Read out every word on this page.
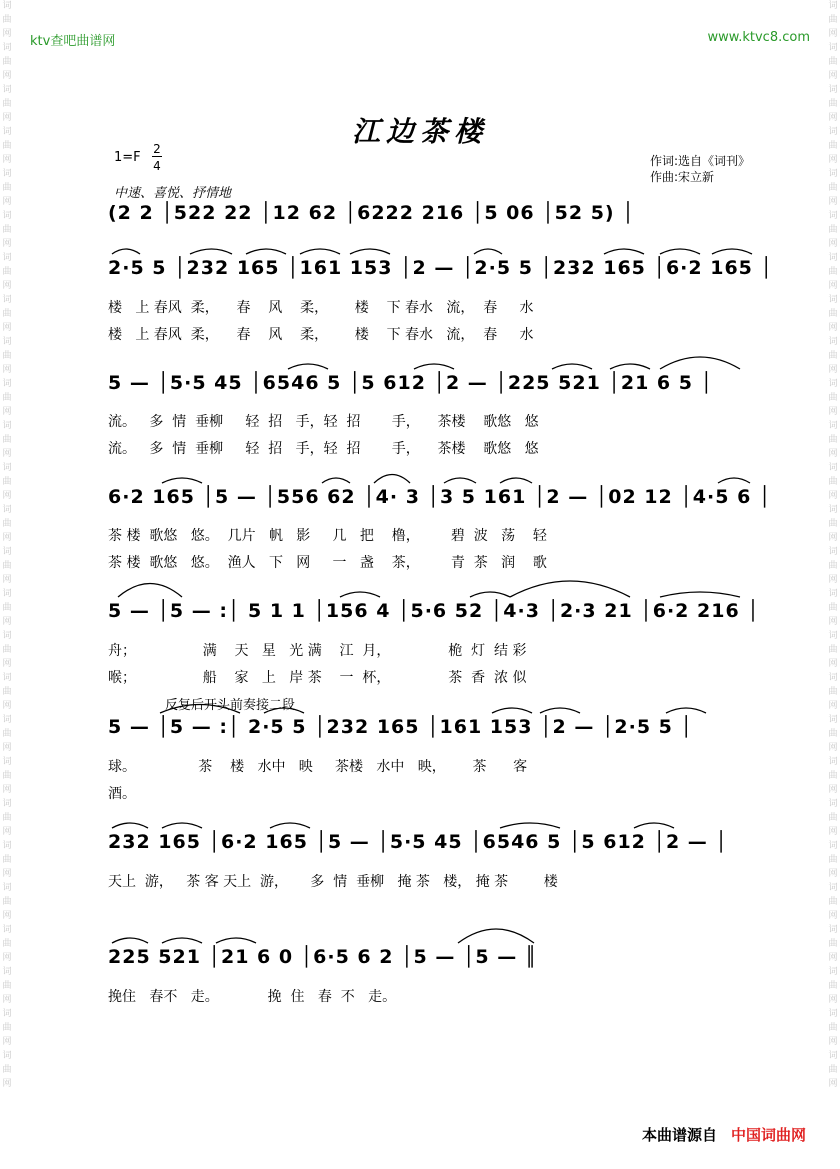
词
曲
网
词
曲
网
词
曲
网
词
曲
网
词
曲
网
词
曲
网
词
曲
网
词
曲
网
词
曲
网
词
曲
网
词
曲
网
词
曲
网
词
曲
网
词
曲
网
词
曲
网
词
曲
网
词
曲
网
词
曲
网
词
曲
网
词
曲
网
词
曲
网
词
曲
网
词
曲
网
词
曲
网
词
曲
网
词
曲
网
词
曲
网
词
曲
网
词
曲
网
词
曲
网
词
曲
网
词
曲
网
词
曲
网
词
曲
网
词
曲
网
词
曲
网
词
曲
网
词
曲
网
词
曲
网
词
曲
网
词
曲
网
词
曲
网
词
曲
网
词
曲
网
词
曲
网
词
曲
网
词
曲
网
词
曲
网
词
曲
网
词
曲
网
词
曲
网
词
曲
网
ktv查吧曲谱网	www.ktvc8.com
江边茶楼
1=F
2
4
中速、喜悦、抒情地
作词:选自《词刊》
作曲:宋立新
(2 2 │522 22 │12 62 │6222 216 │5 06 │52 5) │
2·5 5 │232 165 │161 153 │2 — │2·5 5 │232 165 │6·2 165 │
楼   上 春风  柔，    春    风    柔，      楼    下 春水   流，  春     水
楼   上 春风  柔，    春    风    柔，      楼    下 春水   流，  春     水
5 — │5·5 45 │6546 5 │5 612 │2 — │225 521 │21 6 5 │
流。   多  情  垂柳     轻  招   手，轻  招       手，    茶楼    歌悠   悠
流。   多  情  垂柳     轻  招   手，轻  招       手，    茶楼    歌悠   悠
6·2 165 │5 — │556 62 │4· 3 │3 5 161 │2 — │02 12 │4·5 6 │
茶 楼  歌悠   悠。  几片   帆   影     几   把    橹，       碧  波   荡    轻
茶 楼  歌悠   悠。  渔人   下   网     一   盏    茶，       青  茶   润    歌
5 — │5 — :│ 5 1 1 │156 4 │5·6 52 │4·3 │2·3 21 │6·2 216 │
舟；               满    天   星   光 满    江  月，             桅  灯  结 彩
喉；               船    家   上   岸 茶    一  杯，             茶  香  浓 似
反复后开头前奏接二段
5 — │5 — :│ 2·5 5 │232 165 │161 153 │2 — │2·5 5 │
球。              茶    楼   水中   映     茶楼   水中   映，      茶      客
酒。
232 165 │6·2 165 │5 — │5·5 45 │6546 5 │5 612 │2 — │
天上  游，   茶 客 天上  游，     多  情  垂柳   掩 茶   楼， 掩 茶        楼
225 521 │21 6 0 │6·5 6 2 │5 — │5 — ║
挽住   春不   走。           挽  住   春  不   走。
本曲谱源自 中国词曲网
